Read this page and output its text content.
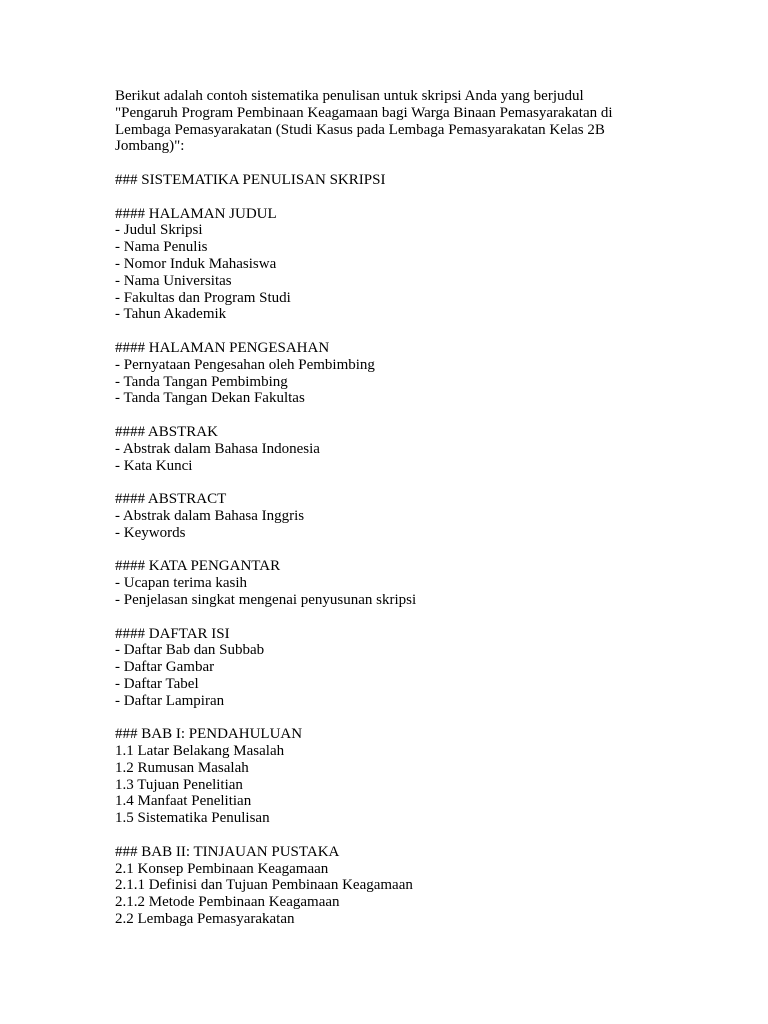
Berikut adalah contoh sistematika penulisan untuk skripsi Anda yang berjudul
"Pengaruh Program Pembinaan Keagamaan bagi Warga Binaan Pemasyarakatan di
Lembaga Pemasyarakatan (Studi Kasus pada Lembaga Pemasyarakatan Kelas 2B
Jombang)":
### SISTEMATIKA PENULISAN SKRIPSI
#### HALAMAN JUDUL
- Judul Skripsi
- Nama Penulis
- Nomor Induk Mahasiswa
- Nama Universitas
- Fakultas dan Program Studi
- Tahun Akademik
#### HALAMAN PENGESAHAN
- Pernyataan Pengesahan oleh Pembimbing
- Tanda Tangan Pembimbing
- Tanda Tangan Dekan Fakultas
#### ABSTRAK
- Abstrak dalam Bahasa Indonesia
- Kata Kunci
#### ABSTRACT
- Abstrak dalam Bahasa Inggris
- Keywords
#### KATA PENGANTAR
- Ucapan terima kasih
- Penjelasan singkat mengenai penyusunan skripsi
#### DAFTAR ISI
- Daftar Bab dan Subbab
- Daftar Gambar
- Daftar Tabel
- Daftar Lampiran
### BAB I: PENDAHULUAN
1.1 Latar Belakang Masalah
1.2 Rumusan Masalah
1.3 Tujuan Penelitian
1.4 Manfaat Penelitian
1.5 Sistematika Penulisan
### BAB II: TINJAUAN PUSTAKA
2.1 Konsep Pembinaan Keagamaan
2.1.1 Definisi dan Tujuan Pembinaan Keagamaan
2.1.2 Metode Pembinaan Keagamaan
2.2 Lembaga Pemasyarakatan
